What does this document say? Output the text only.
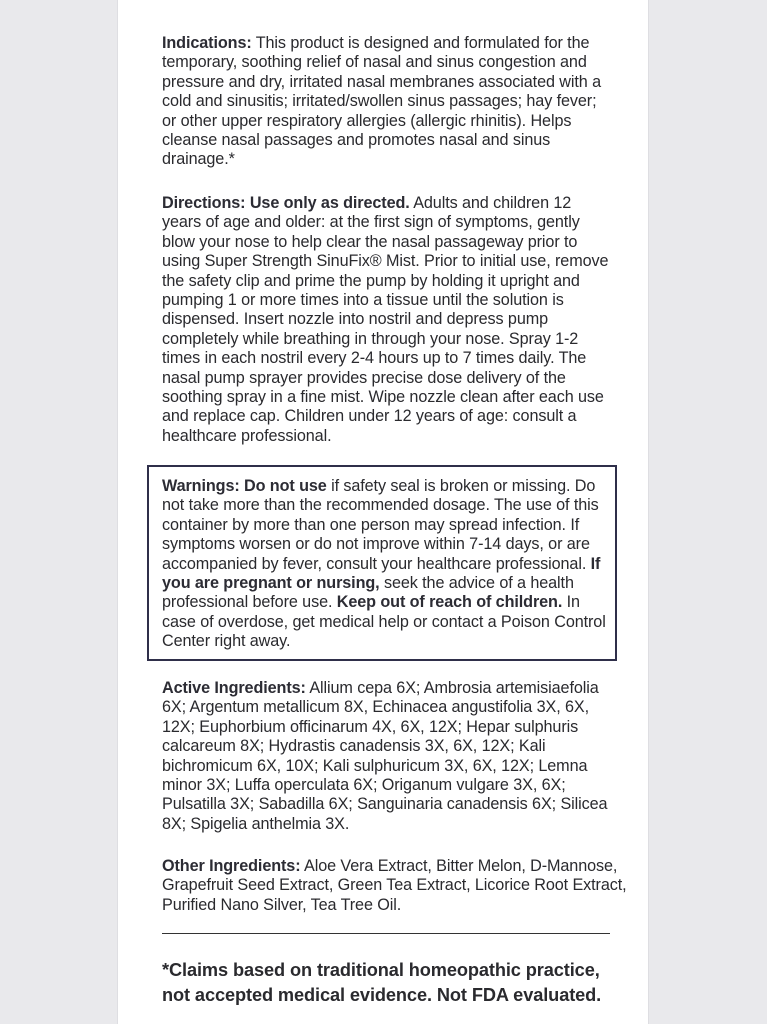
Indications: This product is designed and formulated for the temporary, soothing relief of nasal and sinus congestion and pressure and dry, irritated nasal membranes associated with a cold and sinusitis; irritated/swollen sinus passages; hay fever; or other upper respiratory allergies (allergic rhinitis). Helps cleanse nasal passages and promotes nasal and sinus drainage.*

Directions: Use only as directed. Adults and children 12 years of age and older: at the first sign of symptoms, gently blow your nose to help clear the nasal passageway prior to using Super Strength SinuFix® Mist. Prior to initial use, remove the safety clip and prime the pump by holding it upright and pumping 1 or more times into a tissue until the solution is dispensed. Insert nozzle into nostril and depress pump completely while breathing in through your nose. Spray 1-2 times in each nostril every 2-4 hours up to 7 times daily. The nasal pump sprayer provides precise dose delivery of the soothing spray in a fine mist. Wipe nozzle clean after each use and replace cap. Children under 12 years of age: consult a healthcare professional.

Warnings: Do not use if safety seal is broken or missing. Do not take more than the recommended dosage. The use of this container by more than one person may spread infection. If symptoms worsen or do not improve within 7-14 days, or are accompanied by fever, consult your healthcare professional. If you are pregnant or nursing, seek the advice of a health professional before use. Keep out of reach of children. In case of overdose, get medical help or contact a Poison Control Center right away.

Active Ingredients: Allium cepa 6X; Ambrosia artemisiaefolia 6X; Argentum metallicum 8X, Echinacea angustifolia 3X, 6X, 12X; Euphorbium officinarum 4X, 6X, 12X; Hepar sulphuris calcareum 8X; Hydrastis canadensis 3X, 6X, 12X; Kali bichromicum 6X, 10X; Kali sulphuricum 3X, 6X, 12X; Lemna minor 3X; Luffa operculata 6X; Origanum vulgare 3X, 6X; Pulsatilla 3X; Sabadilla 6X; Sanguinaria canadensis 6X; Silicea 8X; Spigelia anthelmia 3X.

Other Ingredients: Aloe Vera Extract, Bitter Melon, D-Mannose, Grapefruit Seed Extract, Green Tea Extract, Licorice Root Extract, Purified Nano Silver, Tea Tree Oil.

*Claims based on traditional homeopathic practice,
not accepted medical evidence. Not FDA evaluated.
